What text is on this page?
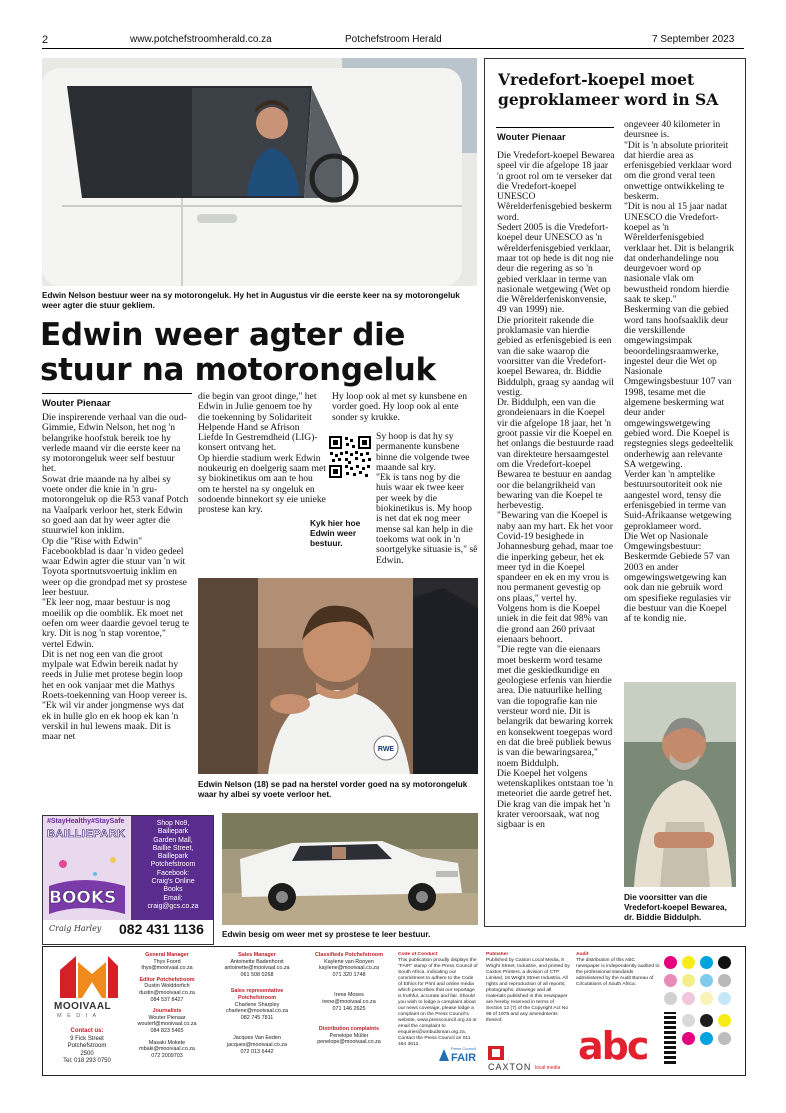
2	www.potchefstroomherald.co.za	Potchefstroom Herald	7 September 2023
Edwin Nelson bestuur weer na sy motorongeluk. Hy het in Augustus vir die eerste keer na sy motorongeluk weer agter die stuur gekliem.
Edwin weer agter die
stuur na motorongeluk
Wouter Pienaar

Die inspirerende verhaal van die oud-Gimmie, Edwin Nelson, het nog 'n belangrike hoofstuk bereik toe hy verlede maand vir die eerste keer na sy motorongeluk weer self bestuur het.

Sowat drie maande na hy albei sy voete onder die knie in 'n gru-motorongeluk op die R53 vanaf Potch na Vaalpark verloor het, sterk Edwin so goed aan dat hy weer agter die stuurwiel kon inklim.

Op die "Rise with Edwin" Facebookblad is daar 'n video gedeel waar Edwin agter die stuur van 'n wit Toyota sportnutsvoertuig inklim en weer op die grondpad met sy prostese leer bestuur.

"Ek leer nog, maar bestuur is nog moeilik op die oomblik. Ek moet net oefen om weer daardie gevoel terug te kry. Dit is nog 'n stap vorentoe," vertel Edwin.

Dit is net nog een van die groot mylpale wat Edwin bereik nadat hy reeds in Julie met protese begin loop het en ook vanjaar met die Mathys Roets-toekenning van Hoop vereer is.

"Ek wil vir ander jongmense wys dat ek in hulle glo en ek hoop ek kan 'n verskil in hul lewens maak. Dit is maar net

die begin van groot dinge," het Edwin in Julie genoem toe hy die toekenning by Solidariteit Helpende Hand se Afrison Liefde In Gestremdheid (LIG)-konsert ontvang het.

Op hierdie stadium werk Edwin noukeurig en doelgerig saam met sy biokinetikus om aan te hou om te herstel na sy ongeluk en sodoende binnekort sy eie unieke prostese kan kry.

Hy loop ook al met sy kunsbene en vorder goed. Hy loop ook al ente sonder sy krukke.

Sy hoop is dat hy sy permanente kunsbene binne die volgende twee maande sal kry.

"Ek is tans nog by die huis waar ek twee keer per week by die biokinetikus is. My hoop is net dat ek nog meer mense sal kan help in die toekoms wat ook in 'n soortgelyke situasie is," sê Edwin.

Kyk hier hoe Edwin weer bestuur.
RWE
Edwin Nelson (18) se pad na herstel vorder goed na sy motorongeluk waar hy albei sy voete verloor het.
Edwin besig om weer met sy prostese te leer bestuur.
#StayHealthy#StaySafe
BAILLIEPARK
Shop No9,
Bailiepark
Garden Mall,
Baillie Street,
Baillepark
Potchefstroom
Facebook:
Craig's Online
Books
Email:
craig@gcs.co.za
BOOKS
Craig Harley 082 431 1136
Vredefort-koepel moet geproklameer word in SA
Wouter Pienaar

Die Vredefort-koepel Bewarea speel vir die afgelope 18 jaar 'n groot rol om te verseker dat die Vredefort-koepel UNESCO Wêrelderfenisgebied beskerm word.

Sedert 2005 is die Vredefort-koepel deur UNESCO as 'n wêrelderfenisgebied verklaar, maar tot op hede is dit nog nie deur die regering as so 'n gebied verklaar in terme van nasionale wetgewing (Wet op die Wêrelderfeniskonvensie, 49 van 1999) nie.

Die prioriteit rakende die proklamasie van hierdie gebied as erfenisgebied is een van die sake waarop die voorsitter van die Vredefort-koepel Bewarea, dr. Biddie Biddulph, graag sy aandag wil vestig.

Dr. Biddulph, een van die grondeienaars in die Koepel vir die afgelope 18 jaar, het 'n groot passie vir die Koepel en het onlangs die bestuurde raad van direkteure hersaamgestel om die Vredefort-koepel Bewarea te bestuur en aandag oor die belangrikheid van bewaring van die Koepel te herbevestig.

"Bewaring van die Koepel is naby aan my hart. Ek het voor Covid-19 besighede in Johannesburg gehad, maar toe die inperking gebeur, het ek meer tyd in die Koepel spandeer en ek en my vrou is nou permanent gevestig op ons plaas," vertel hy.

Volgens hom is die Koepel uniek in die feit dat 98% van die grond aan 260 privaat eienaars behoort.

"Die regte van die eienaars moet beskerm word tesame met die geskiedkundige en geologiese erfenis van hierdie area. Die natuurlike helling van die topografie kan nie versteur word nie. Dit is belangrik dat bewaring korrek en konsekwent toegepas word en dat die breë publiek bewus is van die bewaringsarea," noem Biddulph.

Die Koepel het volgens wetenskaplikes ontstaan toe 'n meteoriet die aarde getref het.

Die krag van die impak het 'n krater veroorsaak, wat nog sigbaar is en

ongeveer 40 kilometer in deursnee is.

"Dit is 'n absolute prioriteit dat hierdie area as erfenisgebied verklaar word om die grond veral teen onwettige ontwikkeling te beskerm.

"Dit is nou al 15 jaar nadat UNESCO die Vredefort-koepel as 'n Wêrelderfenisgebied verklaar het. Dit is belangrik dat onderhandelinge nou deurgevoer word op nasionale vlak om bewustheid rondom hierdie saak te skep."

Beskerming van die gebied word tans hoofsaaklik deur die verskillende omgewingsimpak beoordelingsraamwerke, ingestel deur die Wet op Nasionale Omgewingsbestuur 107 van 1998, tesame met die algemene beskerming wat deur ander omgewingswetgewing gebied word. Die Koepel is regstegnies slegs gedeeltelik onderhewig aan relevante SA wetgewing.

Verder kan 'n amptelike bestuursoutoriteit ook nie aangestel word, tensy die erfenisgebied in terme van Suid-Afrikaanse wetgewing geproklameer word.

Die Wet op Nasionale Omgewingsbestuur: Beskermde Gebiede 57 van 2003 en ander omgewingswetgewing kan ook dan nie gebruik word om spesifieke regulasies vir die bestuur van die Koepel af te kondig nie.

Die voorsitter van die Vredefort-koepel Bewarea, dr. Biddie Biddulph.
MOOIVAAL
M E D I A
Contact us:
9 Fick Street
Potchefstroom
2500
Tel: 018 293 0750
General Manager
Thys Foord
thys@mooivaal.co.za
Editor Potchefstroom
Dustin Wolddorfich
dustin@mooivaal.co.za
084 537 8427
Journalists
Wouter Pienaar
wouterf@mooivaal.co.za
084 823 5465
Masaki Mokete
mbaki@mooivaal.co.za
072 2009703
Sales Manager
Antoinette Badenhorst
antoinette@mooivaal.co.za
061 508 0268
Sales representative Potchefstroom
Charlene Sharpley
charlene@mooivaal.co.za
082 745 7811
Jacques Van Eeden
jacques@mooivaal.co.za
072 013 6442
Classifieds Potchefstroom
Kaylene van Rooyen
kaylene@mooivaal.co.za
071 320 1748
Irene Moses
irene@mooivaal.co.za
071 146 2625
Distribution complaints
Penelope Müller
penelope@mooivaal.co.za
Code of Conduct
This publication proudly displays the "FAIR" stamp of the Press Council of South Africa, indicating our commitment to adhere to the Code of Ethics for Print and online media which prescribes that our reportage is truthful, accurate and fair. Should you wish to lodge a complaint about our news coverage, please lodge a complaint on the Press Council's website, www.presscouncil.org.za or email the complaint to enquiries@ombudsman.org.za. Contact the Press Council on 011 484 3612.
Press Council
FAIR
Publisher
Published by Caxton Local Media, 8 Wright Street, Industrie, and printed by Caxton Printers, a division of CTP Limited, 16 Wright Street Industria. All rights and reproduction of all reports, photographs, drawings and all materials published in this newspaper are hereby reserved in terms of Section 12 (7) of the Copyright Act No 98 of 1978 and any amendments thereof.
CAXTON local media
Audit
The distribution of this ABC newspaper is independently audited to the professional standards administered by the Audit Bureau of Circulations of South Africa.
abc
